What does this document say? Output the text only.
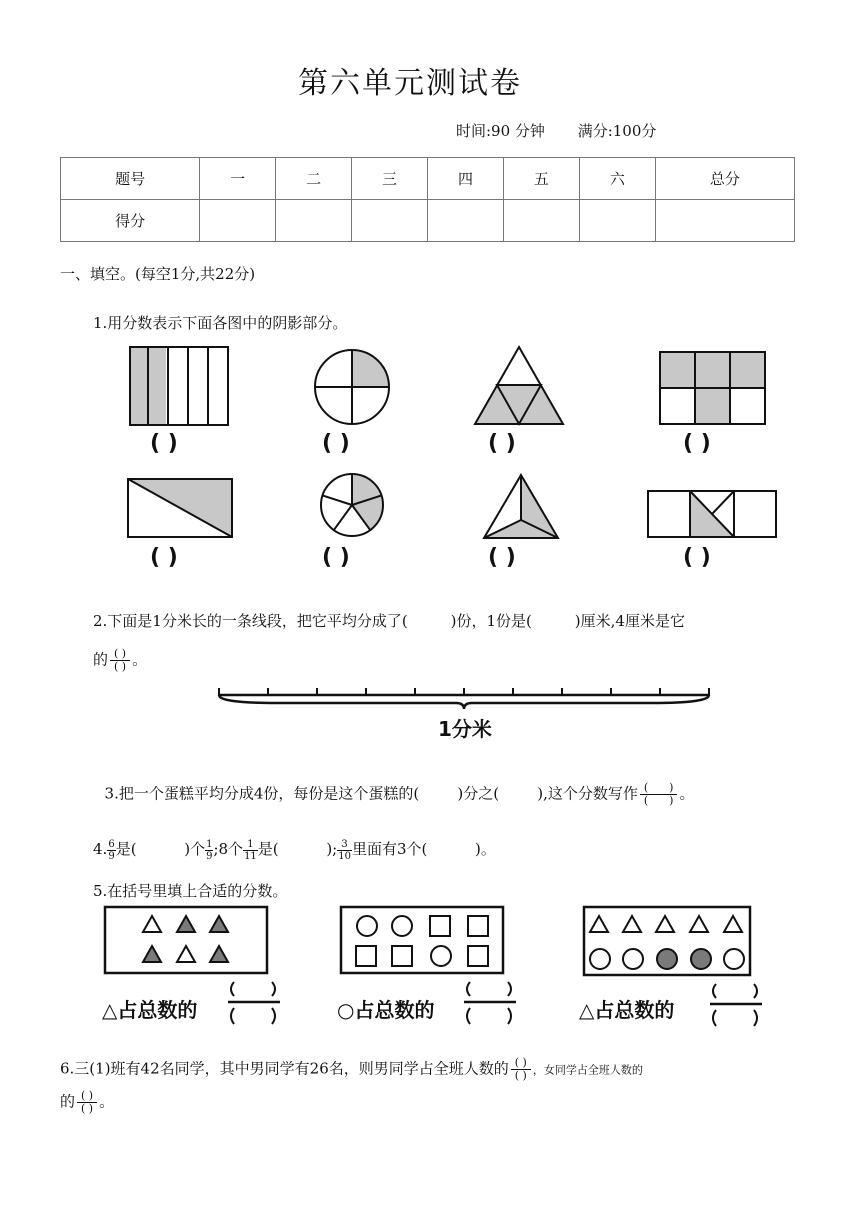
第六单元测试卷
时间:90 分钟 满分:100分
题号	一	二	三	四	五	六	总分
得分							
一、填空。(每空1分,共22分)
1.用分数表示下面各图中的阴影部分。
( )	( )	( )	( )
( )	( )	( )	( )
2.下面是1分米长的一条线段，把它平均分成了(         )份，1份是(         )厘米,4厘米是它
的 $\frac{( )}{( )}$ 。
1分米

3.把一个蛋糕平均分成4份，每份是这个蛋糕的(        )分之(        ),这个分数写作 $\frac{( )}{( )}$ 。

4. $\frac{6}{9}$ 是(          )个 $\frac{1}{9}$ ;8个 $\frac{1}{11}$ 是(          ); $\frac{3}{10}$ 里面有3个(          )。
5.在括号里填上合适的分数。
△占总数的	○占总数的	△占总数的
6.三(1)班有42名同学，其中男同学有26名，则男同学占全班人数的 $\frac{( )}{( )}$ ，女同学占全班人数的
的 $\frac{( )}{( )}$ 。
